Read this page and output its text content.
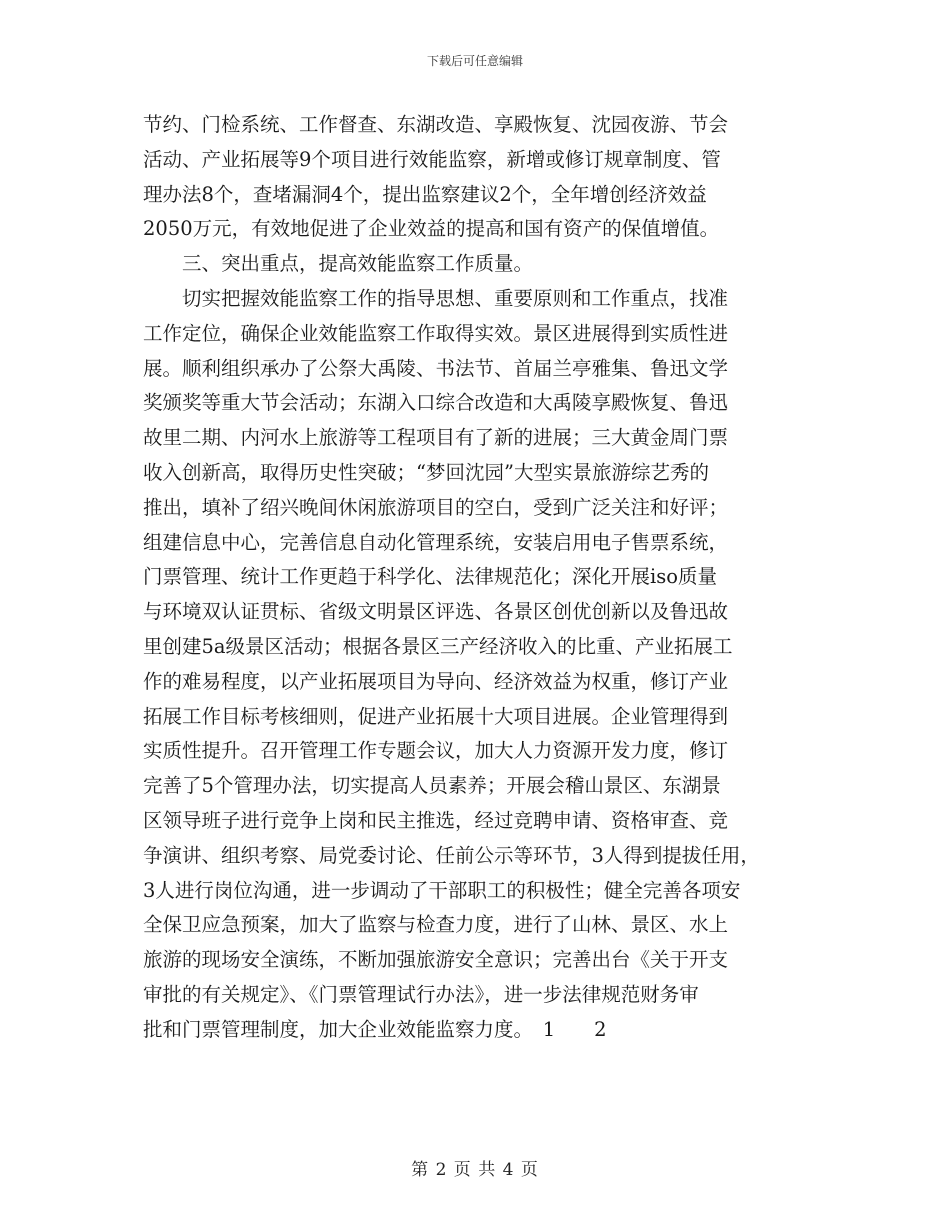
下载后可任意编辑
节约、门检系统、工作督查、东湖改造、享殿恢复、沈园夜游、节会
活动、产业拓展等9个项目进行效能监察，新增或修订规章制度、管
理办法8个，查堵漏洞4个，提出监察建议2个，全年增创经济效益
2050万元，有效地促进了企业效益的提高和国有资产的保值增值。
三、突出重点，提高效能监察工作质量。
切实把握效能监察工作的指导思想、重要原则和工作重点，找准
工作定位，确保企业效能监察工作取得实效。景区进展得到实质性进
展。顺利组织承办了公祭大禹陵、书法节、首届兰亭雅集、鲁迅文学
奖颁奖等重大节会活动；东湖入口综合改造和大禹陵享殿恢复、鲁迅
故里二期、内河水上旅游等工程项目有了新的进展；三大黄金周门票
收入创新高，取得历史性突破；“梦回沈园”大型实景旅游综艺秀的
推出，填补了绍兴晚间休闲旅游项目的空白，受到广泛关注和好评；
组建信息中心，完善信息自动化管理系统，安装启用电子售票系统，
门票管理、统计工作更趋于科学化、法律规范化；深化开展iso质量
与环境双认证贯标、省级文明景区评选、各景区创优创新以及鲁迅故
里创建5a级景区活动；根据各景区三产经济收入的比重、产业拓展工
作的难易程度，以产业拓展项目为导向、经济效益为权重，修订产业
拓展工作目标考核细则，促进产业拓展十大项目进展。企业管理得到
实质性提升。召开管理工作专题会议，加大人力资源开发力度，修订
完善了5个管理办法，切实提高人员素养；开展会稽山景区、东湖景
区领导班子进行竞争上岗和民主推选，经过竞聘申请、资格审查、竞
争演讲、组织考察、局党委讨论、任前公示等环节，3人得到提拔任用，
3人进行岗位沟通，进一步调动了干部职工的积极性；健全完善各项安
全保卫应急预案，加大了监察与检查力度，进行了山林、景区、水上
旅游的现场安全演练，不断加强旅游安全意识；完善出台《关于开支
审批的有关规定》、《门票管理试行办法》，进一步法律规范财务审
批和门票管理制度，加大企业效能监察力度。　1　　2
第 2 页 共 4 页
